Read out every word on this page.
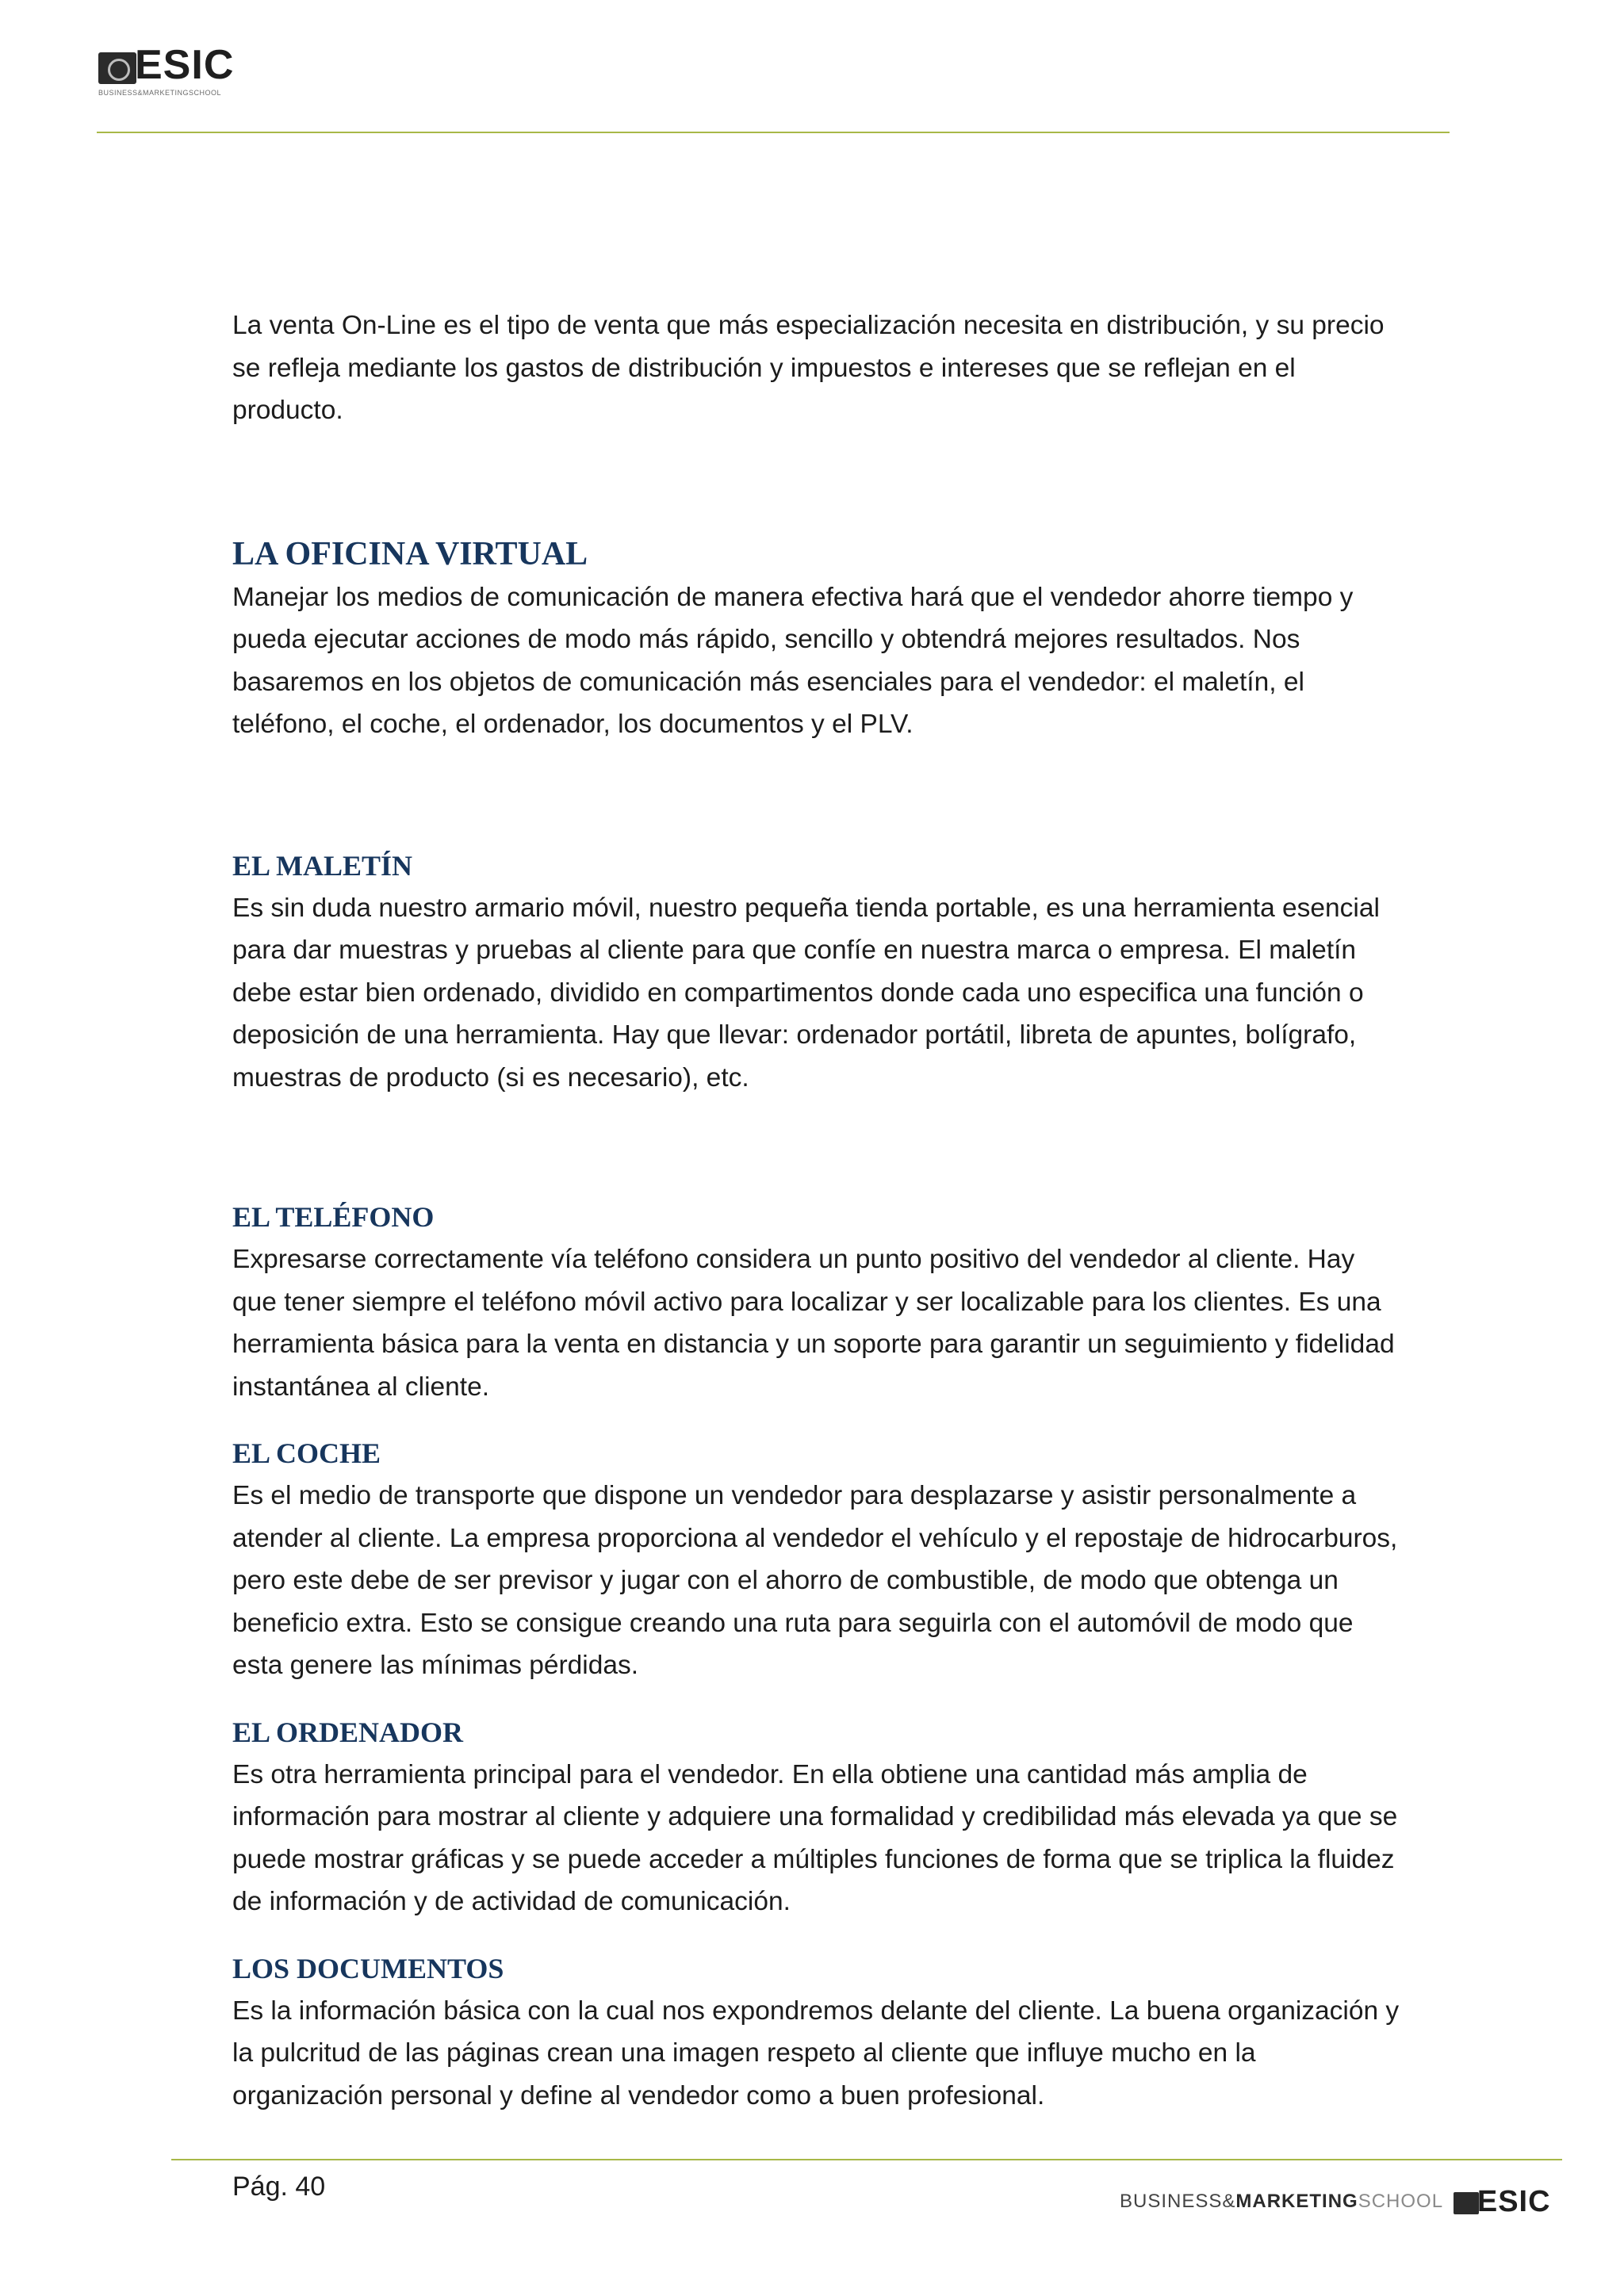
ESIC
BUSINESS&MARKETINGSCHOOL

La venta On-Line es el tipo de venta que más especialización necesita en distribución, y su precio se refleja mediante los gastos de distribución y impuestos e intereses que se reflejan en el producto.

LA OFICINA VIRTUAL

Manejar los medios de comunicación de manera efectiva hará que el vendedor ahorre tiempo y pueda ejecutar acciones de modo más rápido, sencillo y obtendrá mejores resultados. Nos basaremos en los objetos de comunicación más esenciales para el vendedor: el maletín, el teléfono, el coche, el ordenador, los documentos y el PLV.

EL MALETÍN

Es sin duda nuestro armario móvil, nuestro pequeña tienda portable, es una herramienta esencial para dar muestras y pruebas al cliente para que confíe en nuestra marca o empresa. El maletín debe estar bien ordenado, dividido en compartimentos donde cada uno especifica una función o deposición de una herramienta. Hay que llevar: ordenador portátil, libreta de apuntes, bolígrafo, muestras de producto (si es necesario), etc.

EL TELÉFONO

Expresarse correctamente vía teléfono considera un punto positivo del vendedor al cliente. Hay que tener siempre el teléfono móvil activo para localizar y ser localizable para los clientes. Es una herramienta básica para la venta en distancia y un soporte para garantir un seguimiento y fidelidad instantánea al cliente.

EL COCHE

Es el medio de transporte que dispone un vendedor para desplazarse y asistir personalmente a atender al cliente. La empresa proporciona al vendedor el vehículo y el repostaje de hidrocarburos, pero este debe de ser previsor y jugar con el ahorro de combustible, de modo que obtenga un beneficio extra. Esto se consigue creando una ruta para seguirla con el automóvil de modo que esta genere las mínimas pérdidas.

EL ORDENADOR

Es otra herramienta principal para el vendedor. En ella obtiene una cantidad más amplia de información para mostrar al cliente y adquiere una formalidad y credibilidad más elevada ya que se puede mostrar gráficas y se puede acceder a múltiples funciones de forma que se triplica la fluidez de información y de actividad de comunicación.

LOS DOCUMENTOS

Es la información básica con la cual nos expondremos delante del cliente. La buena organización y la pulcritud de las páginas crean una imagen respeto al cliente que influye mucho en la organización personal y define al vendedor como a buen profesional.

Pág. 40	BUSINESS&MARKETINGSCHOOL ESIC
